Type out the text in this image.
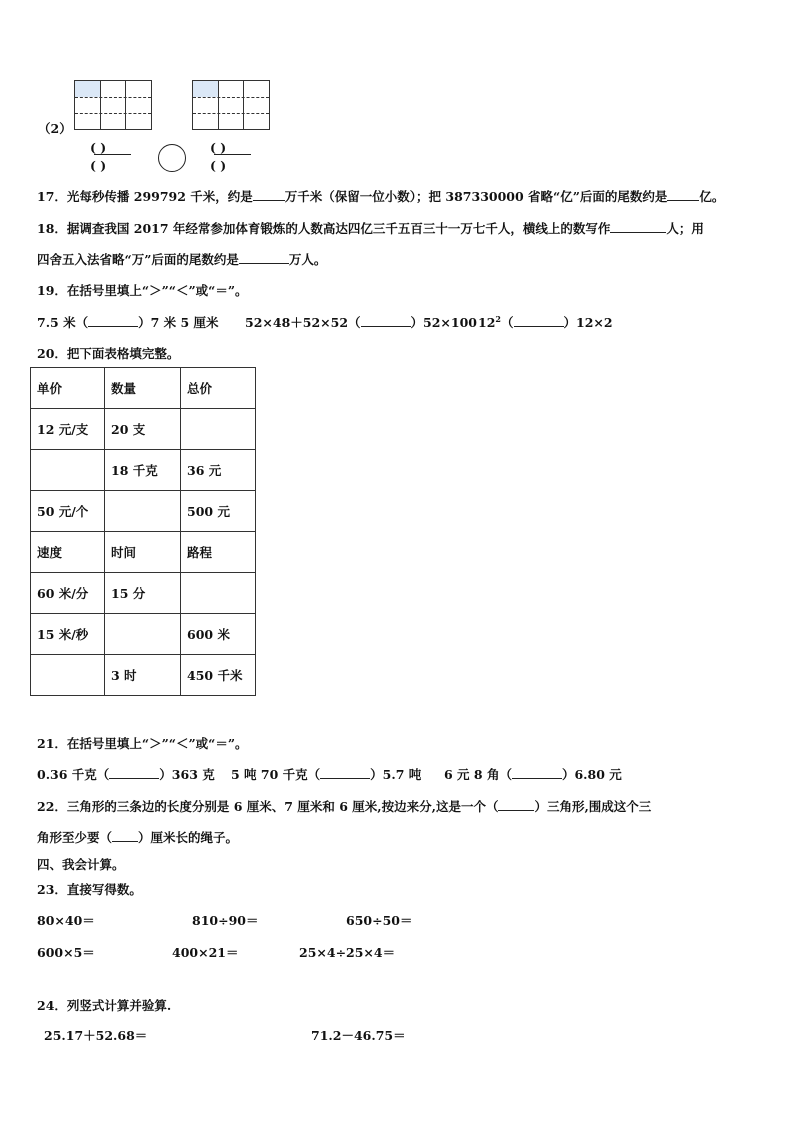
（2）
( )
( )
( )
( )
17．光每秒传播 299792 千米，约是	万千米（保留一位小数）；把 387330000 省略“亿”后面的尾数约是	亿。
18．据调查我国 2017 年经常参加体育锻炼的人数高达四亿三千五百三十一万七千人，横线上的数写作	人；用
四舍五入法省略“万”后面的尾数约是	万人。
19．在括号里填上“＞”“＜”或“＝”。
7.5 米（	）7 米 5 厘米 52×48＋52×52（	）52×100 $12^2$（	）12×2
20．把下面表格填完整。
单价	数量	总价
12 元/支	20 支	
	18 千克	36 元
50 元/个		500 元
速度	时间	路程
60 米/分	15 分	
15 米/秒		600 米
	3 时	450 千米
21．在括号里填上“＞”“＜”或“＝”。
0.36 千克（	）363 克 5 吨 70 千克（	）5.7 吨 6 元 8 角（	）6.80 元
22．三角形的三条边的长度分别是 6 厘米、7 厘米和 6 厘米,按边来分,这是一个（	）三角形,围成这个三
角形至少要（ ）厘米长的绳子。
四、我会计算。
23．直接写得数。
80×40＝	810÷90＝	650÷50＝
600×5＝	400×21＝	25×4÷25×4＝
24．列竖式计算并验算.
25.17＋52.68＝	71.2－46.75＝
